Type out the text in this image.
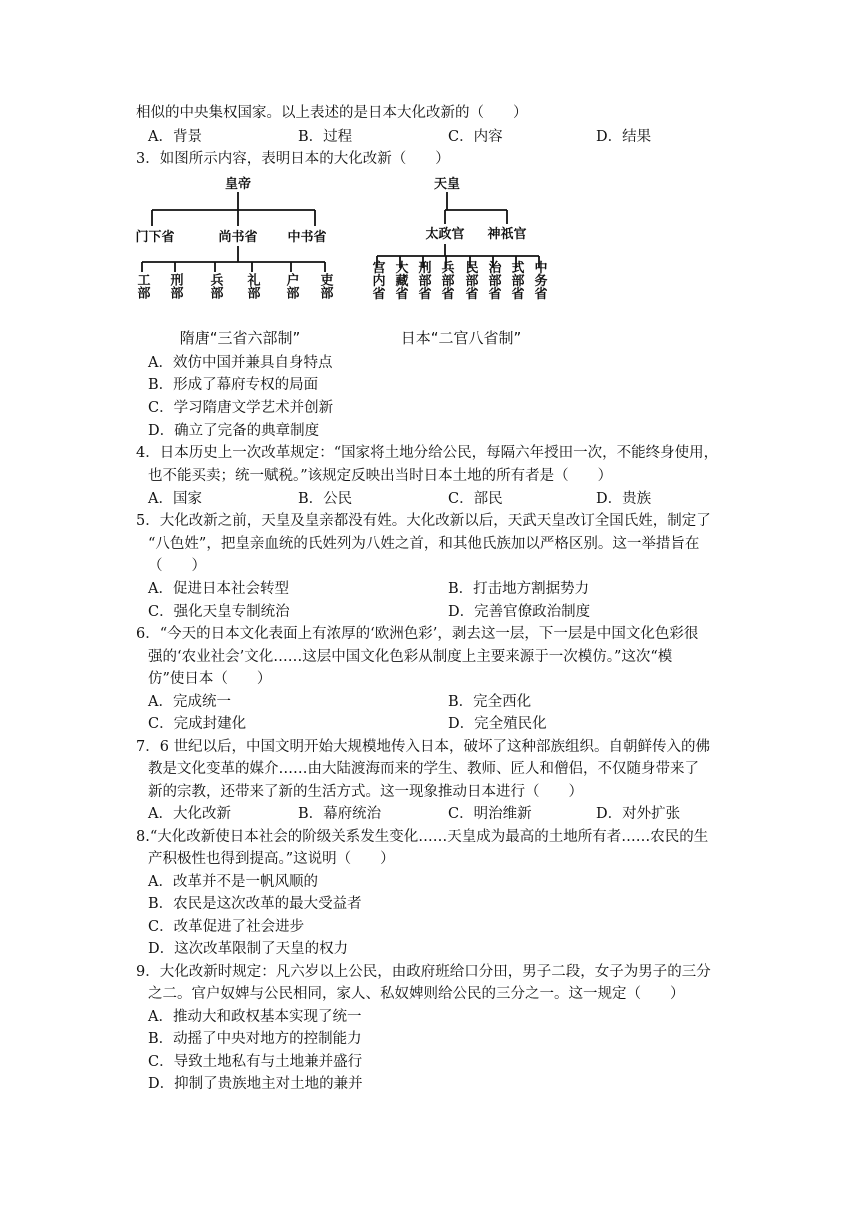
相似的中央集权国家。以上表述的是日本大化改新的（　　）
A．背景	B．过程	C．内容	D．结果
3．如图所示内容，表明日本的大化改新（　　）
皇帝
门下省	尚书省 中书省
工部 刑部 兵部 礼部 户部 吏部
天皇
太政官 神祇官
宫内省 大藏省 刑部省 兵部省 民部省 治部省 式部省 中务省
隋唐“三省六部制”	日本“二官八省制”
A．效仿中国并兼具自身特点
B．形成了幕府专权的局面
C．学习隋唐文学艺术并创新
D．确立了完备的典章制度
4．日本历史上一次改革规定：“国家将土地分给公民，每隔六年授田一次，不能终身使用，
也不能买卖；统一赋税。”该规定反映出当时日本土地的所有者是（　　）
A．国家	B．公民	C．部民	D．贵族
5．大化改新之前，天皇及皇亲都没有姓。大化改新以后，天武天皇改订全国氏姓，制定了
“八色姓”，把皇亲血统的氏姓列为八姓之首，和其他氏族加以严格区别。这一举措旨在
（　　）
A．促进日本社会转型	B．打击地方割据势力
C．强化天皇专制统治	D．完善官僚政治制度
6．“今天的日本文化表面上有浓厚的‘欧洲色彩’，剥去这一层，下一层是中国文化色彩很
强的‘农业社会’文化……这层中国文化色彩从制度上主要来源于一次模仿。”这次“模
仿”使日本（　　）
A．完成统一	B．完全西化
C．完成封建化	D．完全殖民化
7．6 世纪以后，中国文明开始大规模地传入日本，破坏了这种部族组织。自朝鲜传入的佛
教是文化变革的媒介……由大陆渡海而来的学生、教师、匠人和僧侣，不仅随身带来了
新的宗教，还带来了新的生活方式。这一现象推动日本进行（　　）
A．大化改新	B．幕府统治	C．明治维新	D．对外扩张
8.“大化改新使日本社会的阶级关系发生变化……天皇成为最高的土地所有者……农民的生
产积极性也得到提高。”这说明（　　）
A．改革并不是一帆风顺的
B．农民是这次改革的最大受益者
C．改革促进了社会进步
D．这次改革限制了天皇的权力
9．大化改新时规定：凡六岁以上公民，由政府班给口分田，男子二段，女子为男子的三分
之二。官户奴婢与公民相同，家人、私奴婢则给公民的三分之一。这一规定（　　）
A．推动大和政权基本实现了统一
B．动摇了中央对地方的控制能力
C．导致土地私有与土地兼并盛行
D．抑制了贵族地主对土地的兼并
